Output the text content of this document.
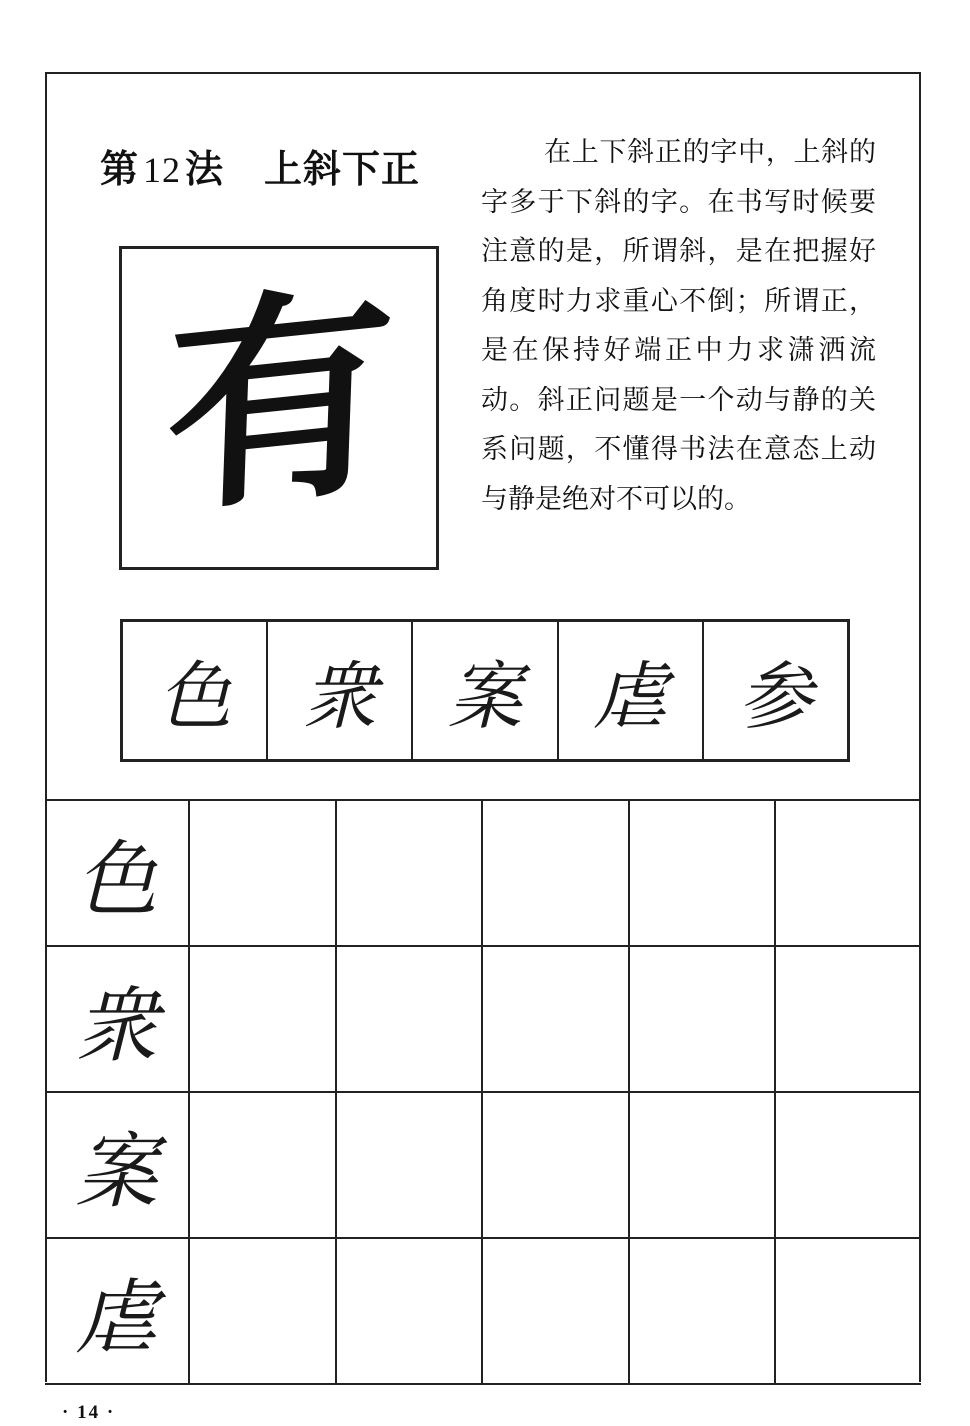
第 12 法 上斜下正	在上下斜正的字中，上斜的字多于下斜的字。在书写时候要注意的是，所谓斜，是在把握好角度时力求重心不倒；所谓正，是在保持好端正中力求潇洒流动。斜正问题是一个动与静的关系问题，不懂得书法在意态上动与静是绝对不可以的。
有
色 衆 案 虐 参
色
衆
案
虐
· 14 ·
